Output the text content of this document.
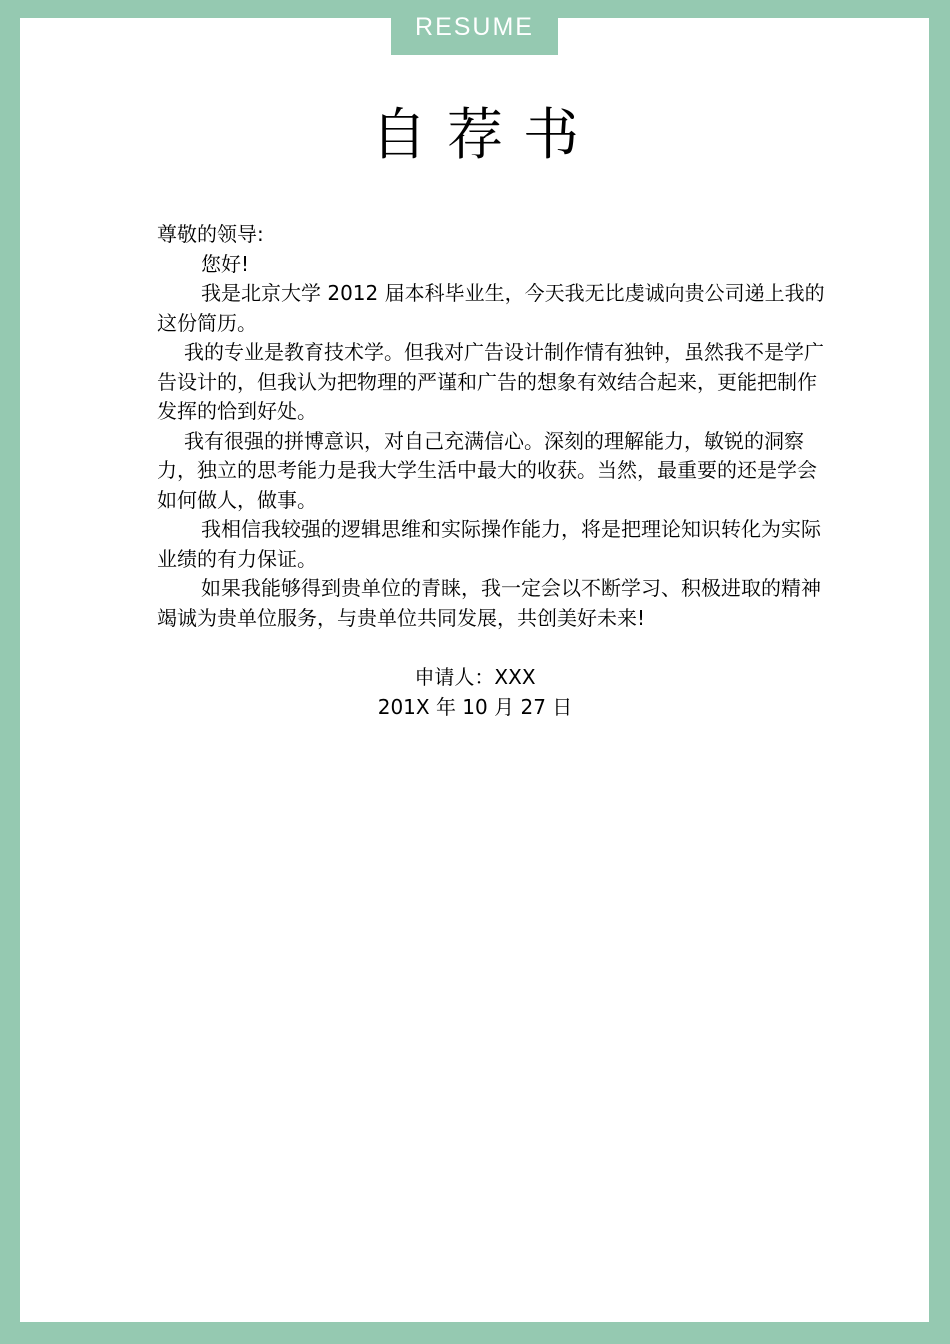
RESUME
自荐书

尊敬的领导:

您好!

我是北京大学 2012 届本科毕业生，今天我无比虔诚向贵公司递上我的这份简历。

我的专业是教育技术学。但我对广告设计制作情有独钟，虽然我不是学广告设计的，但我认为把物理的严谨和广告的想象有效结合起来，更能把制作发挥的恰到好处。

我有很强的拼博意识，对自己充满信心。深刻的理解能力，敏锐的洞察力，独立的思考能力是我大学生活中最大的收获。当然，最重要的还是学会如何做人，做事。

我相信我较强的逻辑思维和实际操作能力，将是把理论知识转化为实际业绩的有力保证。

如果我能够得到贵单位的青睐，我一定会以不断学习、积极进取的精神竭诚为贵单位服务，与贵单位共同发展，共创美好未来!

申请人：XXX
201X 年 10 月 27 日
